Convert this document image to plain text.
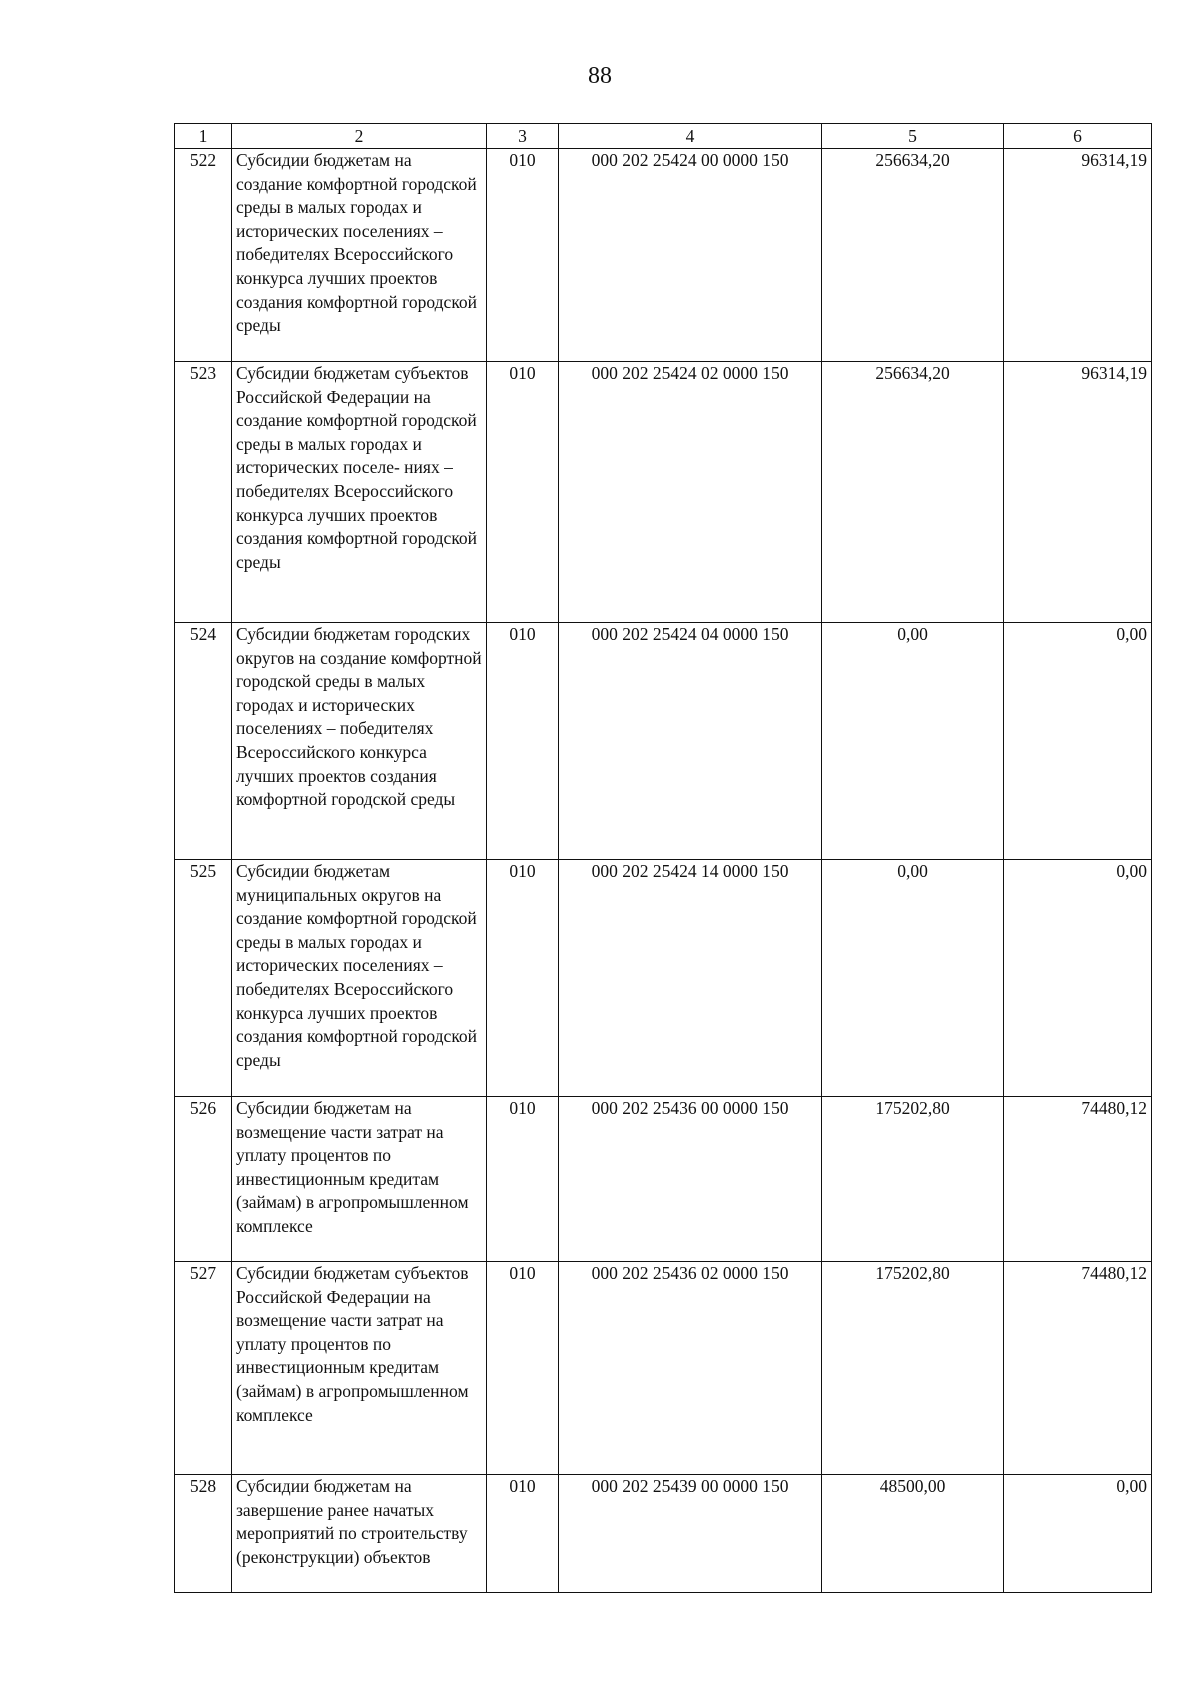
88
1	2	3	4	5	6
522	Субсидии бюджетам на создание комфортной городской среды в малых городах и исторических поселениях – победителях Всероссийского конкурса лучших проектов создания комфортной городской среды	010	000 202 25424 00 0000 150	256634,20	96314,19
523	Субсидии бюджетам субъектов Российской Федерации на создание комфортной городской среды в малых городах и исторических поселе- ниях – победителях Всероссийского конкурса лучших проектов создания комфортной городской среды	010	000 202 25424 02 0000 150	256634,20	96314,19
524	Субсидии бюджетам городских округов на создание комфортной городской среды в малых городах и исторических поселениях – победителях Всероссийского конкурса лучших проектов создания комфортной городской среды	010	000 202 25424 04 0000 150	0,00	0,00
525	Субсидии бюджетам муниципальных округов на создание комфортной городской среды в малых городах и исторических поселениях – победителях Всероссийского конкурса лучших проектов создания комфортной городской среды	010	000 202 25424 14 0000 150	0,00	0,00
526	Субсидии бюджетам на возмещение части затрат на уплату процентов по инвестиционным кредитам (займам) в агропромышленном комплексе	010	000 202 25436 00 0000 150	175202,80	74480,12
527	Субсидии бюджетам субъектов Российской Федерации на возмещение части затрат на уплату процентов по инвестиционным кредитам (займам) в агропромышленном комплексе	010	000 202 25436 02 0000 150	175202,80	74480,12
528	Субсидии бюджетам на завершение ранее начатых мероприятий по строительству (реконструкции) объектов	010	000 202 25439 00 0000 150	48500,00	0,00
